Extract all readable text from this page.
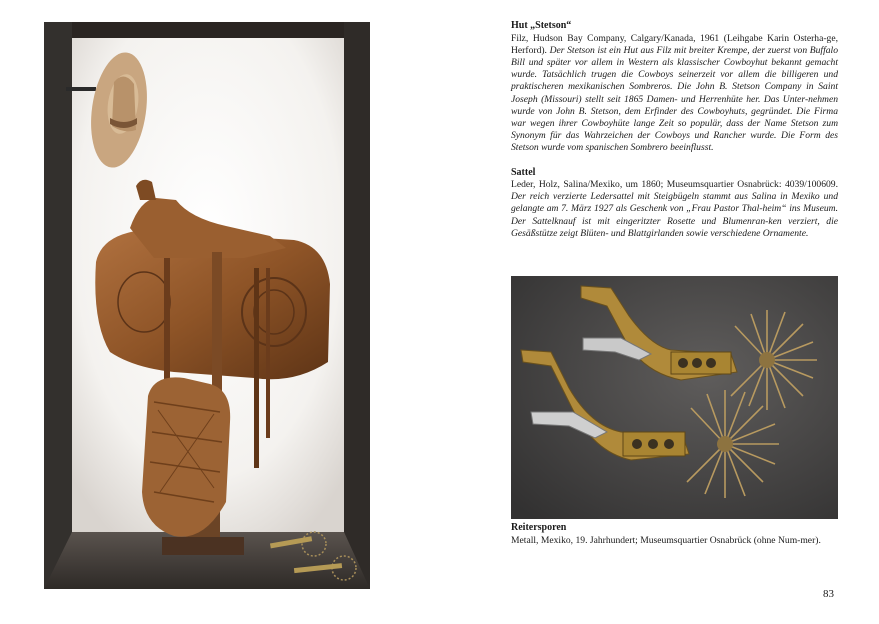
Hut „Stetson“
Filz, Hudson Bay Company, Calgary/Kanada, 1961 (Leihgabe Karin Osterha-ge, Herford). Der Stetson ist ein Hut aus Filz mit breiter Krempe, der zuerst von Buffalo Bill und später vor allem in Western als klassischer Cowboyhut bekannt gemacht wurde. Tatsächlich trugen die Cowboys seinerzeit vor allem die billigeren und praktischeren mexikanischen Sombreros. Die John B. Stetson Company in Saint Joseph (Missouri) stellt seit 1865 Damen- und Herrenhüte her. Das Unter-nehmen wurde von John B. Stetson, dem Erfinder des Cowboyhuts, gegründet. Die Firma war wegen ihrer Cowboyhüte lange Zeit so populär, dass der Name Stetson zum Synonym für das Wahrzeichen der Cowboys und Rancher wurde. Die Form des Stetson wurde vom spanischen Sombrero beeinflusst.

Sattel
Leder, Holz, Salina/Mexiko, um 1860; Museumsquartier Osnabrück: 4039/100609. Der reich verzierte Ledersattel mit Steigbügeln stammt aus Salina in Mexiko und gelangte am 7. März 1927 als Geschenk von „Frau Pastor Thal-heim“ ins Museum. Der Sattelknauf ist mit eingeritzter Rosette und Blumenran-ken verziert, die Gesäßstütze zeigt Blüten- und Blattgirlanden sowie verschiedene Ornamente.

Reitersporen
Metall, Mexiko, 19. Jahrhundert; Museumsquartier Osnabrück (ohne Num-mer).
83
